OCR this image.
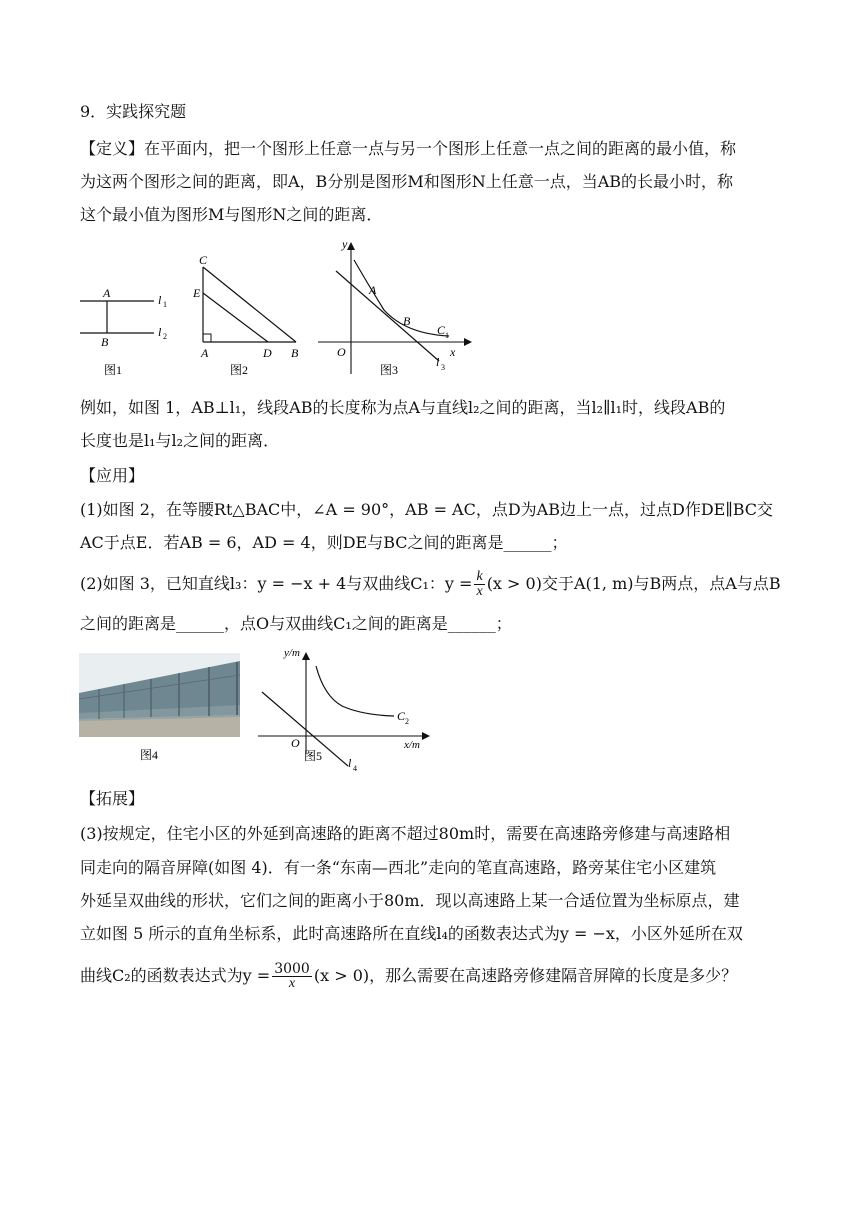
9．实践探究题
【定义】在平面内，把一个图形上任意一点与另一个图形上任意一点之间的距离的最小值，称
为这两个图形之间的距离，即A，B分别是图形M和图形N上任意一点，当AB的长最小时，称
这个最小值为图形M与图形N之间的距离．
A
B
l 1
l 2
图1
C
E
A	D B
图2
y
x
O
A
B
C 1
l 3
图3
例如，如图 1，AB⊥l₁，线段AB的长度称为点A与直线l₂之间的距离，当l₂∥l₁时，线段AB的
长度也是l₁与l₂之间的距离．
【应用】
(1)如图 2，在等腰Rt△BAC中，∠A = 90°，AB = AC，点D为AB边上一点，过点D作DE∥BC交
AC于点E．若AB = 6，AD = 4，则DE与BC之间的距离是______；
(2)如图 3，已知直线l₃：y = −x + 4与双曲线C₁：$y = \frac{k}{x} (x > 0)$交于A(1, m)与B两点，点A与点B
之间的距离是______，点O与双曲线C₁之间的距离是______；
图4
y/m
x/m
O
C 2
l 4
图5
【拓展】
(3)按规定，住宅小区的外延到高速路的距离不超过80m时，需要在高速路旁修建与高速路相
同走向的隔音屏障(如图 4)．有一条“东南—西北”走向的笔直高速路，路旁某住宅小区建筑
外延呈双曲线的形状，它们之间的距离小于80m．现以高速路上某一合适位置为坐标原点，建
立如图 5 所示的直角坐标系，此时高速路所在直线l₄的函数表达式为y = −x，小区外延所在双
曲线C₂的函数表达式为$y = \frac{3000}{x} (x > 0)$，那么需要在高速路旁修建隔音屏障的长度是多少？
